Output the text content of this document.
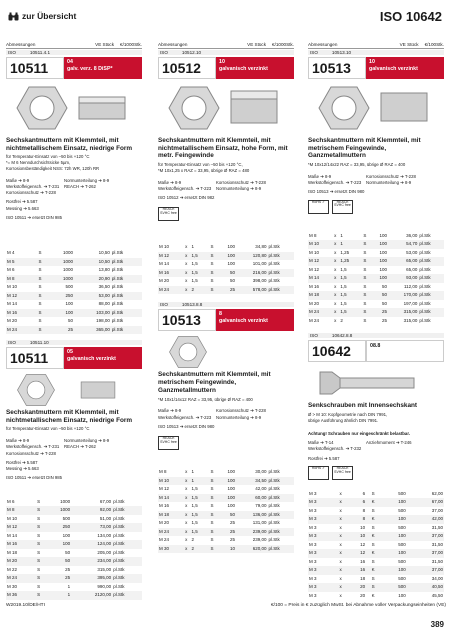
zur Übersicht	ISO 10642
Abmessungen	VE Stück €/1000Stk.
ISO	10511.4.1
10511	04
galv. verz. 8 DiSP*
Sechskantmuttern mit Klemmteil, mit nichtmetallischem Einsatz, niedrige Form
für Temperatur-Einsatz von –50 bis +120 °C
*= M 6 Nenndurchsichtsicke 5µm,
Korrosionsbeständigkeit NSS: 72h WR, 120h RR
Maße ➔ 8-9	Normunterteilung ➔ 8-9
Werkstoffeigensch. ➔ T-231	REACH ➔ T-262
Korrosionsschutz ➔ T-228
Rostfrei ➔ 5.587
Messing ➔ 5.663
ISO 10511 ➔ ersetzt DIN 985
M 4	S	1000	10,50	pl.Stk
M 5	S	1000	10,50	pl.Stk
M 6	S	1000	13,80	pl.Stk
M 8	S	1000	20,90	pl.Stk
M 10	S	500	36,50	pl.Stk
M 12	S	250	53,00	pl.Stk
M 14	S	100	88,00	pl.Stk
M 16	S	100	103,00	pl.Stk
M 20	S	50	198,00	pl.Stk
M 24	S	25	365,00	pl.Stk
ISO	10511.10
10511	05
galvanisch verzinkt
Sechskantmuttern mit Klemmteil, mit nichtmetallischem Einsatz, niedrige Form
für Temperatur-Einsatz von –50 bis +120 °C
Maße ➔ 8-9	Normunterteilung ➔ 8-9
Werkstoffeigensch. ➔ T-231	REACH ➔ T-262
Korrosionsschutz ➔ T-228
Rostfrei ➔ 5.587
Messing ➔ 5.663
ISO 10511 ➔ ersetzt DIN 985
M 6	S	1000	67,00	pl.Stk
M 8	S	1000	92,00	pl.Stk
M 10	S	500	51,00	pl.Stk
M 12	S	250	73,00	pl.Stk
M 14	S	100	134,00	pl.Stk
M 16	S	100	124,00	pl.Stk
M 18	S	50	205,00	pl.Stk
M 20	S	50	234,00	pl.Stk
M 22	S	25	315,00	pl.Stk
M 24	S	25	395,00	pl.Stk
M 30	S	1	990,00	pl.Stk
M 36	S	1	2120,00	pl.Stk
Abmessungen	VE Stück €/1000Stk.
ISO	10512.10
10512	10
galvanisch verzinkt
Sechskantmuttern mit Klemmteil, mit nichtmetallischem Einsatz, hohe Form, mit metr. Feingewinde
für Temperatur-Einsatz von –50 bis +120 °C,
*M 10x1,25 x RAZ = 33,95, übrige Ø RAZ = 480
Maße ➔ 8-9	Korrosionsschutz ➔ T-228
Werkstoffeigensch. ➔ T-223	Normunterteilung ➔ 8-9
ISO 10512 ➔ ersetzt DIN 982
REACh SVHC free
M 10	x	1	S	100	34,80	pl.Stk
M 12	x	1,5	S	100	120,80	pl.Stk
M 14	x	1,5	S	100	101,00	pl.Stk
M 16	x	1,5	S	50	216,00	pl.Stk
M 20	x	1,5	S	50	398,00	pl.Stk
M 24	x	2	S	25	578,00	pl.Stk
ISO	10513.8.8
10513	8
galvanisch verzinkt
Sechskantmuttern mit Klemmteil, mit metrischem Feingewinde, Ganzmetallmuttern
*M 10x1/14x12 RAZ = 33,95, übrige Ø RAZ = 400
Maße ➔ 8-9	Korrosionsschutz ➔ T-228
Werkstoffeigensch. ➔ T-223	Normunterteilung ➔ 8-9
ISO 10513 ➔ ersetzt DIN 980
REACh SVHC free
M 8	x	1	S	100	30,00	pl.Stk
M 10	x	1	S	100	34,50	pl.Stk
M 12	x	1,5	S	100	42,00	pl.Stk
M 14	x	1,5	S	100	60,00	pl.Stk
M 16	x	1,5	S	100	79,00	pl.Stk
M 18	x	1,5	S	50	136,00	pl.Stk
M 20	x	1,5	S	25	131,00	pl.Stk
M 24	x	1,5	S	25	239,00	pl.Stk
M 24	x	2	S	25	239,00	pl.Stk
M 30	x	2	S	10	620,00	pl.Stk
Abmessungen	VE Stück €/100Stk.
ISO	10513.10
10513	10
galvanisch verzinkt
Sechskantmuttern mit Klemmteil, mit metrischem Feingewinde, Ganzmetallmuttern
*M 10x12/14x22 RAZ = 33,95, übrige Ø RAZ = 400
Maße ➔ 8-9	Korrosionsschutz ➔ T-228
Werkstoffeigensch. ➔ T-223	Normunterteilung ➔ 8-9
ISO 10513 ➔ ersetzt DIN 980
RoHS ✓	REACh SVHC free
M 8	x	1	S	100	36,00	pl.Stk
M 10	x	1	S	100	54,70	pl.Stk
M 10	x	1,25	S	100	53,00	pl.Stk
M 12	x	1,25	S	100	65,00	pl.Stk
M 12	x	1,5	S	100	65,00	pl.Stk
M 14	x	1,5	S	100	93,00	pl.Stk
M 16	x	1,5	S	50	112,00	pl.Stk
M 18	x	1,5	S	50	170,00	pl.Stk
M 20	x	1,5	S	50	197,00	pl.Stk
M 24	x	1,5	S	25	315,00	pl.Stk
M 24	x	2	S	25	315,00	pl.Stk
ISO	10642.8.8
10642	08.8
Senkschrauben mit Innensechskant
Ø > M 10: Kopfgeometrie nach DIN 7991,
übrige Ausführung ähnlich DIN 7991.
Achtung! Schrauben nur eingeschränkt belastbar.
Maße ➔ T-14	Anziehmoment ➔ T-246
Werkstoffeigensch. ➔ T-232
Rostfrei ➔ 5.587
RoHS ✓	REACh SVHC free
M 3	x	6	S	500	62,00
M 3	x	6	K	100	67,00
M 3	x	8	S	500	37,00
M 3	x	8	K	100	42,00
M 3	x	10	S	500	31,50
M 3	x	10	K	100	37,00
M 3	x	12	S	500	31,50
M 3	x	12	K	100	37,00
M 3	x	16	S	500	31,50
M 3	x	16	K	100	37,00
M 3	x	18	S	500	34,00
M 3	x	20	S	500	40,50
M 3	x	20	K	100	45,50
W2019.10/DE/HTI	€/100 = Preis in € zuzüglich MwSt. bei Abnahme voller Verpackungseinheiten (VE)
389
